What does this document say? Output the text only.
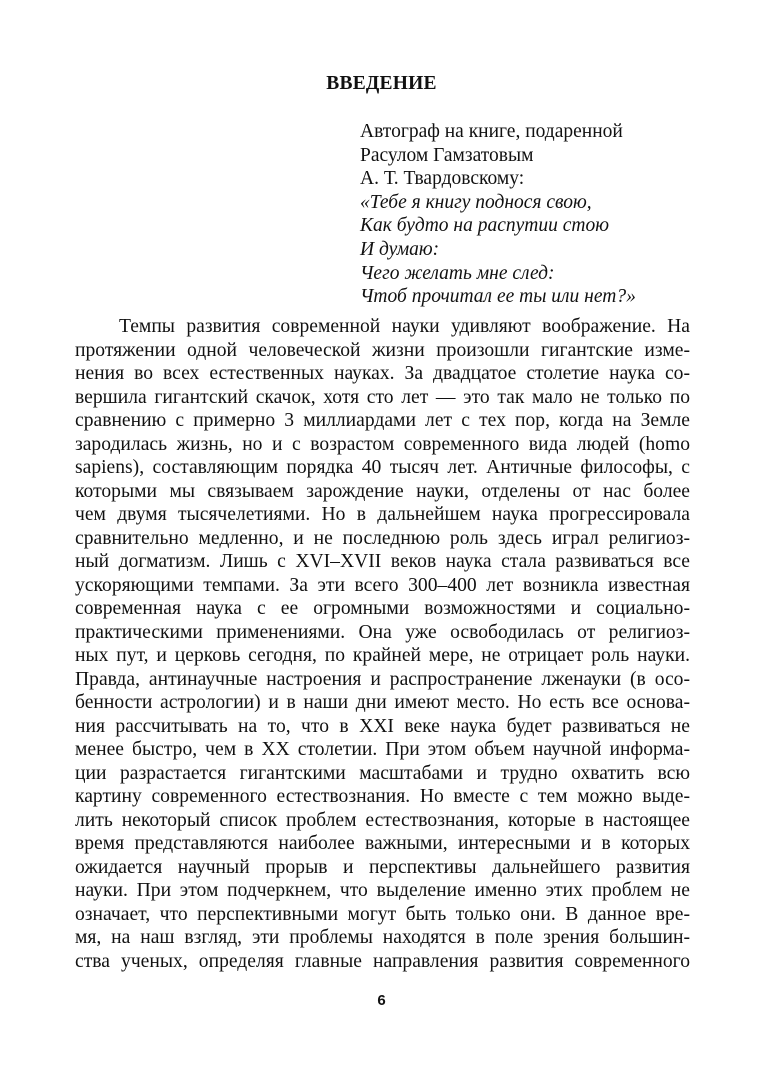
ВВЕДЕНИЕ
Автограф на книге, подаренной
Расулом Гамзатовым
А. Т. Твардовскому:
«Тебе я книгу поднося свою,
Как будто на распутии стою
И думаю:
Чего желать мне след:
Чтоб прочитал ее ты или нет?»
Темпы развития современной науки удивляют воображение. На
протяжении одной человеческой жизни произошли гигантские изме-
нения во всех естественных науках. За двадцатое столетие наука со-
вершила гигантский скачок, хотя сто лет — это так мало не только по
сравнению с примерно 3 миллиардами лет с тех пор, когда на Земле
зародилась жизнь, но и с возрастом современного вида людей (homo
sapiens), составляющим порядка 40 тысяч лет. Античные философы, с
которыми мы связываем зарождение науки, отделены от нас более
чем двумя тысячелетиями. Но в дальнейшем наука прогрессировала
сравнительно медленно, и не последнюю роль здесь играл религиоз-
ный догматизм. Лишь с XVI–XVII веков наука стала развиваться все
ускоряющими темпами. За эти всего 300–400 лет возникла известная
современная наука с ее огромными возможностями и социально-
практическими применениями. Она уже освободилась от религиоз-
ных пут, и церковь сегодня, по крайней мере, не отрицает роль науки.
Правда, антинаучные настроения и распространение лженауки (в осо-
бенности астрологии) и в наши дни имеют место. Но есть все основа-
ния рассчитывать на то, что в XXI веке наука будет развиваться не
менее быстро, чем в XX столетии. При этом объем научной информа-
ции разрастается гигантскими масштабами и трудно охватить всю
картину современного естествознания. Но вместе с тем можно выде-
лить некоторый список проблем естествознания, которые в настоящее
время представляются наиболее важными, интересными и в которых
ожидается научный прорыв и перспективы дальнейшего развития
науки. При этом подчеркнем, что выделение именно этих проблем не
означает, что перспективными могут быть только они. В данное вре-
мя, на наш взгляд, эти проблемы находятся в поле зрения большин-
ства ученых, определяя главные направления развития современного
6
